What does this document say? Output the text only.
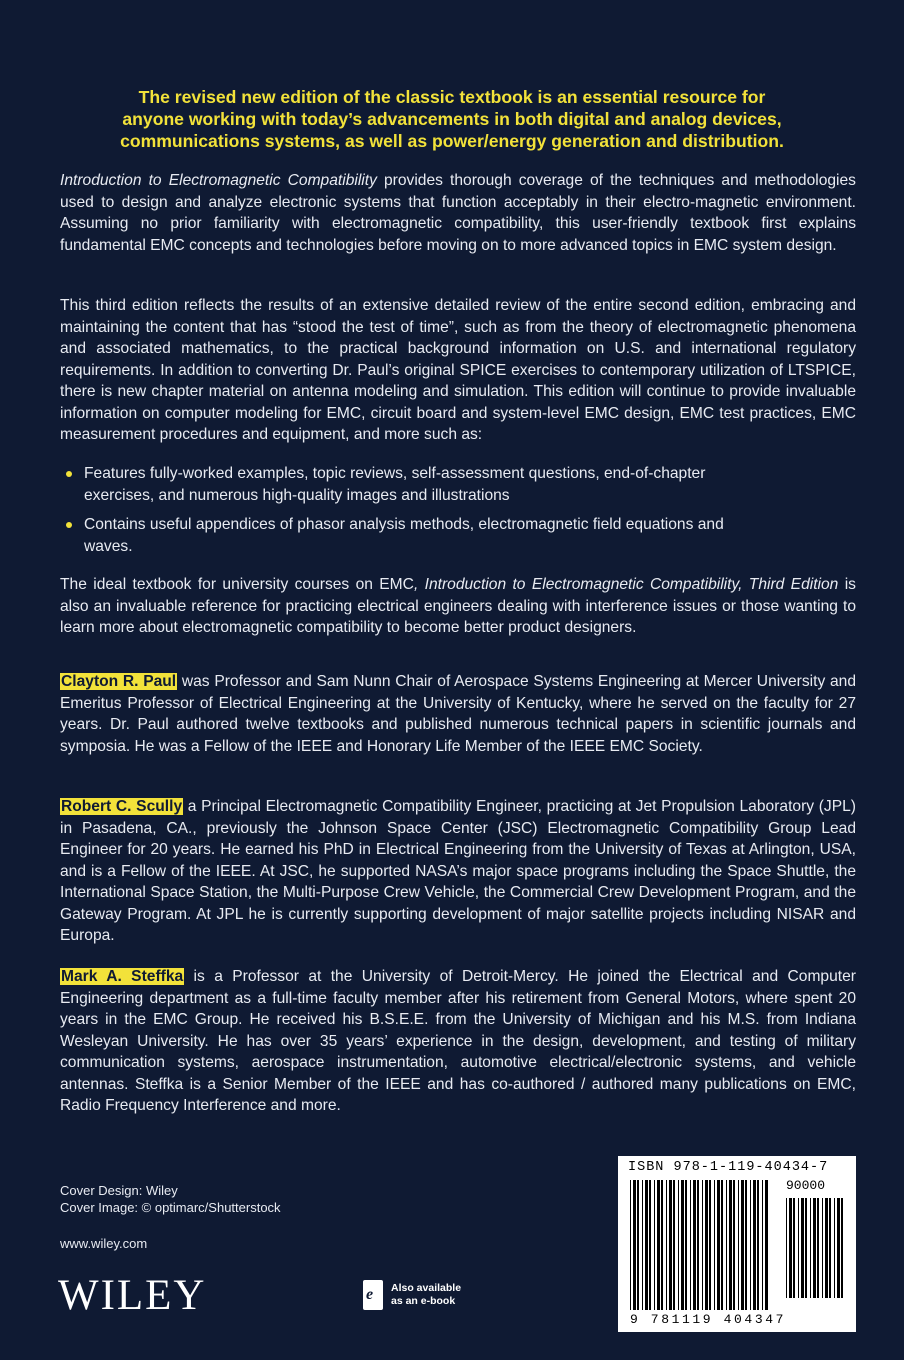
The revised new edition of the classic textbook is an essential resource for
anyone working with today’s advancements in both digital and analog devices,
communications systems, as well as power/energy generation and distribution.

Introduction to Electromagnetic Compatibility provides thorough coverage of the techniques and methodologies used to design and analyze electronic systems that function acceptably in their electro-magnetic environment. Assuming no prior familiarity with electromagnetic compatibility, this user-friendly textbook first explains fundamental EMC concepts and technologies before moving on to more advanced topics in EMC system design.

This third edition reflects the results of an extensive detailed review of the entire second edition, embracing and maintaining the content that has “stood the test of time”, such as from the theory of electromagnetic phenomena and associated mathematics, to the practical background information on U.S. and international regulatory requirements. In addition to converting Dr. Paul’s original SPICE exercises to contemporary utilization of LTSPICE, there is new chapter material on antenna modeling and simulation. This edition will continue to provide invaluable information on computer modeling for EMC, circuit board and system-level EMC design, EMC test practices, EMC measurement procedures and equipment, and more such as:

Features fully-worked examples, topic reviews, self-assessment questions, end-of-chapter exercises, and numerous high-quality images and illustrations
Contains useful appendices of phasor analysis methods, electromagnetic field equations and waves.

The ideal textbook for university courses on EMC, Introduction to Electromagnetic Compatibility, Third Edition is also an invaluable reference for practicing electrical engineers dealing with interference issues or those wanting to learn more about electromagnetic compatibility to become better product designers.

Clayton R. Paul was Professor and Sam Nunn Chair of Aerospace Systems Engineering at Mercer University and Emeritus Professor of Electrical Engineering at the University of Kentucky, where he served on the faculty for 27 years. Dr. Paul authored twelve textbooks and published numerous technical papers in scientific journals and symposia. He was a Fellow of the IEEE and Honorary Life Member of the IEEE EMC Society.
Robert C. Scully a Principal Electromagnetic Compatibility Engineer, practicing at Jet Propulsion Laboratory (JPL) in Pasadena, CA., previously the Johnson Space Center (JSC) Electromagnetic Compatibility Group Lead Engineer for 20 years. He earned his PhD in Electrical Engineering from the University of Texas at Arlington, USA, and is a Fellow of the IEEE. At JSC, he supported NASA’s major space programs including the Space Shuttle, the International Space Station, the Multi-Purpose Crew Vehicle, the Commercial Crew Development Program, and the Gateway Program. At JPL he is currently supporting development of major satellite projects including NISAR and Europa.
Mark A. Steffka is a Professor at the University of Detroit-Mercy. He joined the Electrical and Computer Engineering department as a full-time faculty member after his retirement from General Motors, where spent 20 years in the EMC Group. He received his B.S.E.E. from the University of Michigan and his M.S. from Indiana Wesleyan University. He has over 35 years’ experience in the design, development, and testing of military communication systems, aerospace instrumentation, automotive electrical/electronic systems, and vehicle antennas. Steffka is a Senior Member of the IEEE and has co-authored / authored many publications on EMC, Radio Frequency Interference and more.
Cover Design: Wiley
Cover Image: © optimarc/Shutterstock
www.wiley.com
WILEY	e Also available
as an e-book
ISBN 978-1-119-40434-7
90000
9 781119 404347
